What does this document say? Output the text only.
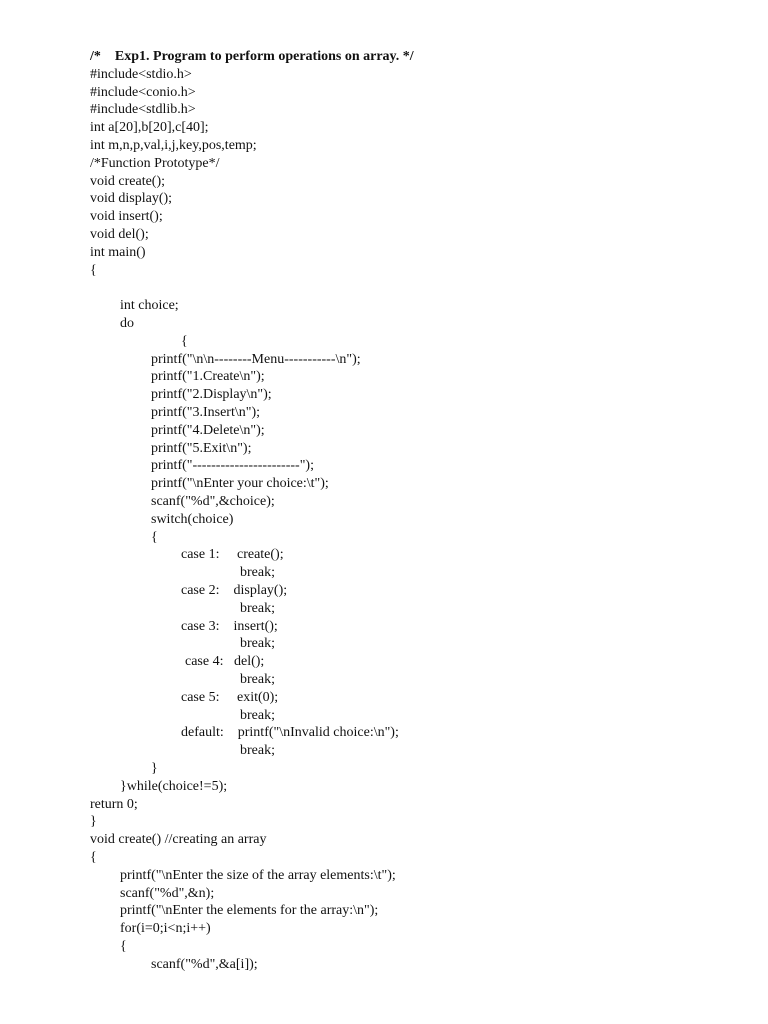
/*    Exp1. Program to perform operations on array. */
#include<stdio.h>
#include<conio.h>
#include<stdlib.h>
int a[20],b[20],c[40];
int m,n,p,val,i,j,key,pos,temp;
/*Function Prototype*/
void create();
void display();
void insert();
void del();
int main()
{
int choice;
do
{
printf("\n\n--------Menu-----------\n");
printf("1.Create\n");
printf("2.Display\n");
printf("3.Insert\n");
printf("4.Delete\n");
printf("5.Exit\n");
printf("-----------------------");
printf("\nEnter your choice:\t");
scanf("%d",&choice);
switch(choice)
{
case 1:     create();
break;
case 2:    display();
break;
case 3:    insert();
break;
case 4:   del();
break;
case 5:     exit(0);
break;
default:    printf("\nInvalid choice:\n");
break;
}
}while(choice!=5);
return 0;
}
void create() //creating an array
{
printf("\nEnter the size of the array elements:\t");
scanf("%d",&n);
printf("\nEnter the elements for the array:\n");
for(i=0;i<n;i++)
{
scanf("%d",&a[i]);
